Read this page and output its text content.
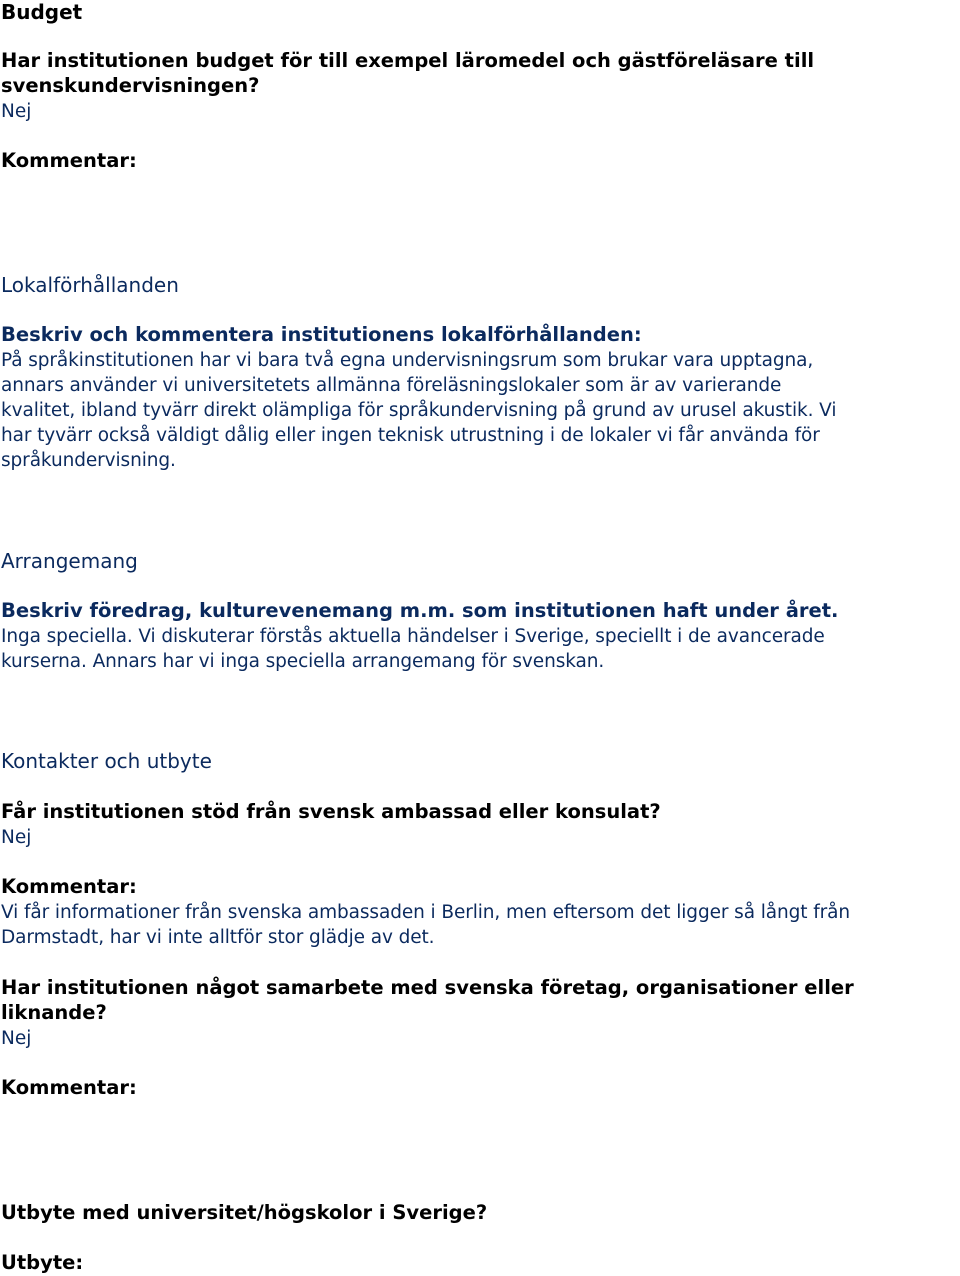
Budget
Har institutionen budget för till exempel läromedel och gästföreläsare till
svenskundervisningen?
Nej
Kommentar:
Lokalförhållanden
Beskriv och kommentera institutionens lokalförhållanden:
På språkinstitutionen har vi bara två egna undervisningsrum som brukar vara upptagna,
annars använder vi universitetets allmänna föreläsningslokaler som är av varierande
kvalitet, ibland tyvärr direkt olämpliga för språkundervisning på grund av urusel akustik. Vi
har tyvärr också väldigt dålig eller ingen teknisk utrustning i de lokaler vi får använda för
språkundervisning.
Arrangemang
Beskriv föredrag, kulturevenemang m.m. som institutionen haft under året.
Inga speciella. Vi diskuterar förstås aktuella händelser i Sverige, speciellt i de avancerade
kurserna. Annars har vi inga speciella arrangemang för svenskan.
Kontakter och utbyte
Får institutionen stöd från svensk ambassad eller konsulat?
Nej
Kommentar:
Vi får informationer från svenska ambassaden i Berlin, men eftersom det ligger så långt från
Darmstadt, har vi inte alltför stor glädje av det.
Har institutionen något samarbete med svenska företag, organisationer eller
liknande?
Nej
Kommentar:
Utbyte med universitet/högskolor i Sverige?
Utbyte:
